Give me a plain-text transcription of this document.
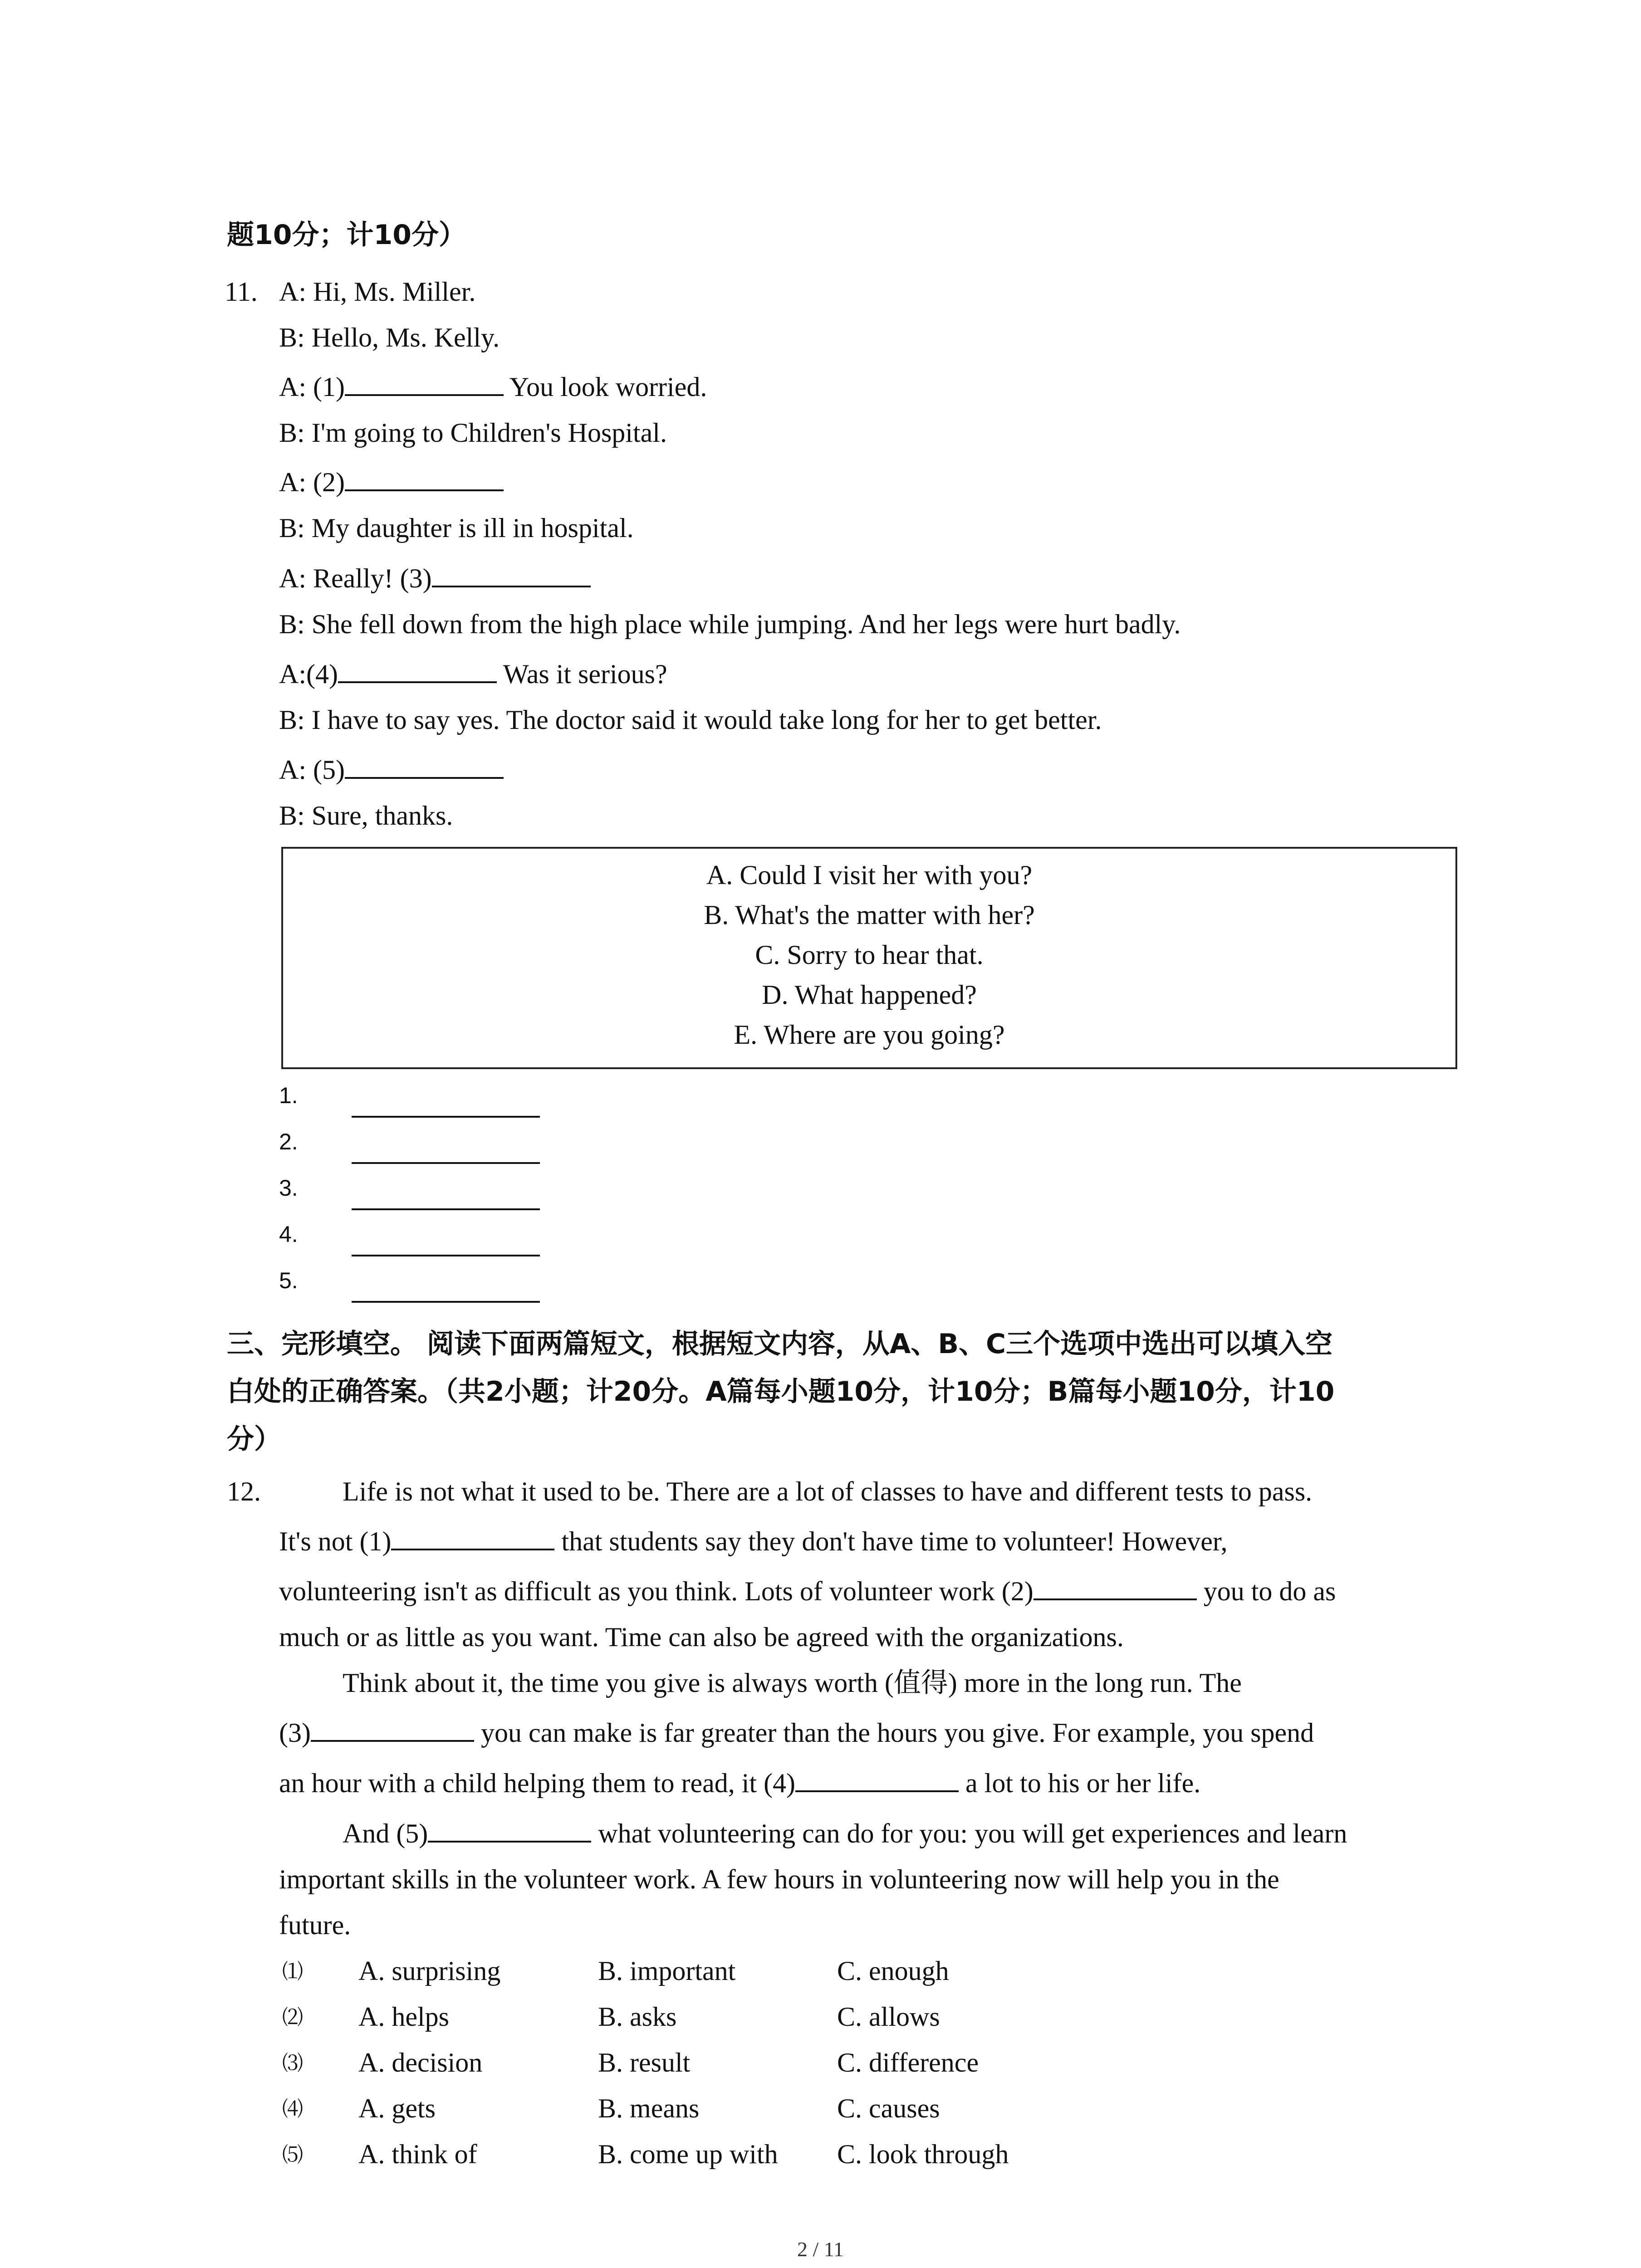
题10分；计10分）
11. A: Hi, Ms. Miller.
B: Hello, Ms. Kelly.
A: (1)	You look worried.
B: I'm going to Children's Hospital.
A: (2)
B: My daughter is ill in hospital.
A: Really! (3)
B: She fell down from the high place while jumping. And her legs were hurt badly.
A:(4)	Was it serious?
B: I have to say yes. The doctor said it would take long for her to get better.
A: (5)
B: Sure, thanks.
A. Could I visit her with you?
B. What's the matter with her?
C. Sorry to hear that.
D. What happened?
E. Where are you going?
1.
2.
3.
4.
5.
三、完形填空。 阅读下面两篇短文，根据短文内容，从A、B、C三个选项中选出可以填入空
白处的正确答案。（共2小题；计20分。A篇每小题10分，计10分；B篇每小题10分，计10
分）
12.	Life is not what it used to be. There are a lot of classes to have and different tests to pass.
It's not (1)	that students say they don't have time to volunteer! However,
volunteering isn't as difficult as you think. Lots of volunteer work (2)	you to do as
much or as little as you want. Time can also be agreed with the organizations.
Think about it, the time you give is always worth (值得) more in the long run. The
(3)	you can make is far greater than the hours you give. For example, you spend
an hour with a child helping them to read, it (4)	a lot to his or her life.
And (5)	what volunteering can do for you: you will get experiences and learn
important skills in the volunteer work. A few hours in volunteering now will help you in the
future.
⑴ A. surprising	B. important	C. enough
⑵ A. helps	B. asks	C. allows
⑶ A. decision	B. result	C. difference
⑷ A. gets	B. means	C. causes
⑸ A. think of	B. come up with C. look through
2 / 11
